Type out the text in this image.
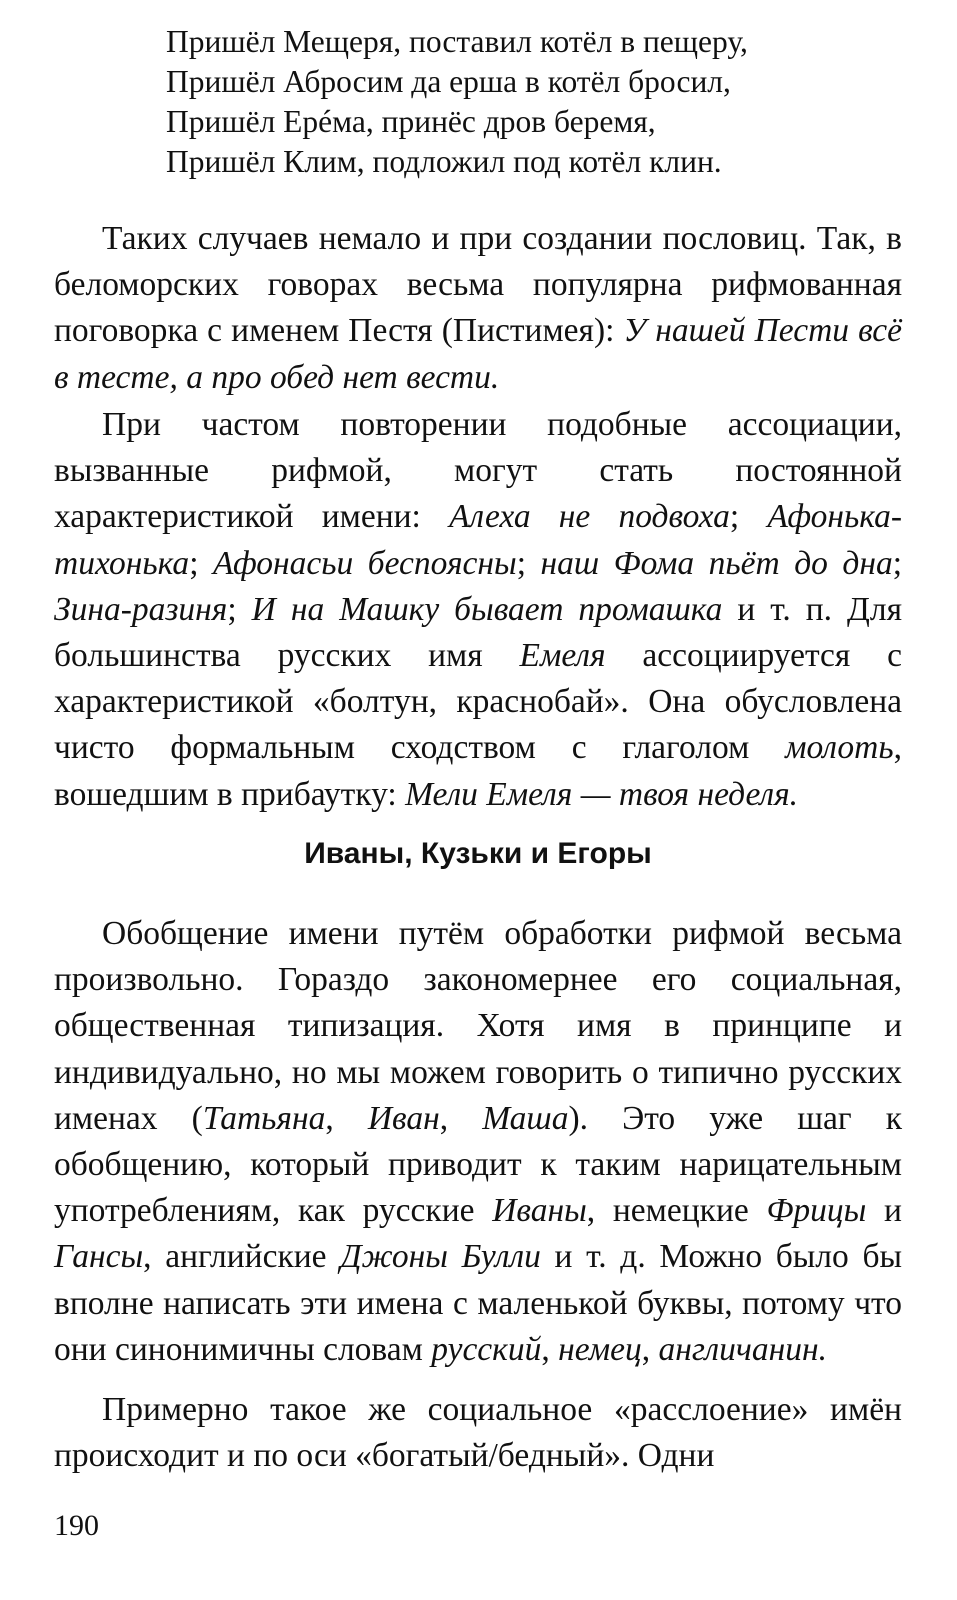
Пришёл Мещеря, поставил котёл в пещеру,
Пришёл Абросим да ерша в котёл бросил,
Пришёл Ерéма, принёс дров беремя,
Пришёл Клим, подложил под котёл клин.

Таких случаев немало и при создании пословиц. Так, в беломорских говорах весьма популярна рифмованная поговорка с именем Пестя (Пистимея): У нашей Пести всё в тесте, а про обед нет вести.

При частом повторении подобные ассоциации, вызванные рифмой, могут стать постоянной характеристикой имени: Алеха не подвоха; Афонька-тихонька; Афонасьи беспоясны; наш Фома пьёт до дна; Зина-разиня; И на Машку бывает промашка и т. п. Для большинства русских имя Емеля ассоциируется с характеристикой «болтун, краснобай». Она обусловлена чисто формальным сходством с глаголом молоть, вошедшим в прибаутку: Мели Емеля — твоя неделя.

Иваны, Кузьки и Егоры

Обобщение имени путём обработки рифмой весьма произвольно. Гораздо закономернее его социальная, общественная типизация. Хотя имя в принципе и индивидуально, но мы можем говорить о типично русских именах (Татьяна, Иван, Маша). Это уже шаг к обобщению, который приводит к таким нарицательным употреблениям, как русские Иваны, немецкие Фрицы и Гансы, английские Джоны Булли и т. д. Можно было бы вполне написать эти имена с маленькой буквы, потому что они синонимичны словам русский, немец, англичанин.

Примерно такое же социальное «расслоение» имён происходит и по оси «богатый/бедный». Одни

190
